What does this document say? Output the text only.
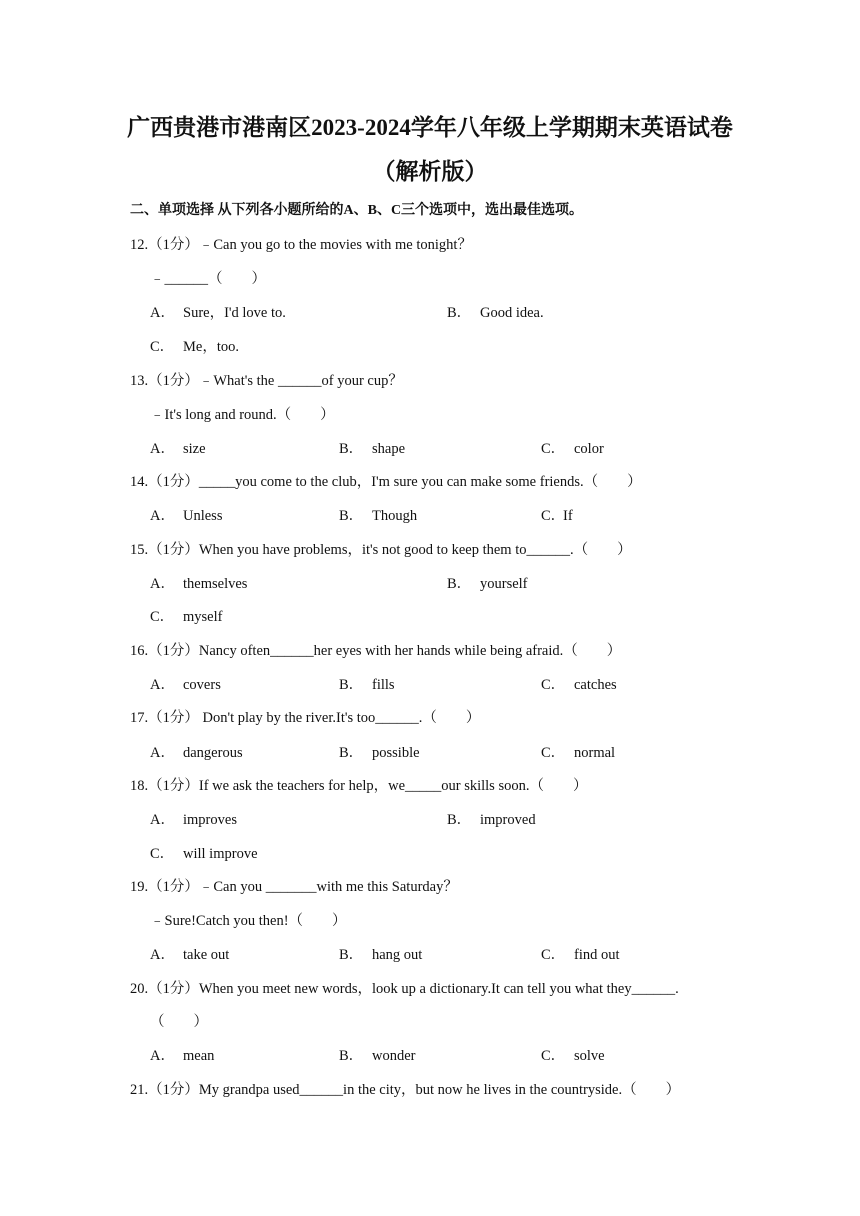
广西贵港市港南区2023-2024学年八年级上学期期末英语试卷
（解析版）
二、单项选择 从下列各小题所给的A、B、C三个选项中，选出最佳选项。
12.（1分）﹣Can you go to the movies with me tonight？
﹣______（　　）
A． Sure，I'd love to.	B． Good idea.
C． Me，too.
13.（1分）﹣What's the ______of your cup？
﹣It's long and round.（　　）
A． size	B． shape	C． color
14.（1分）_____you come to the club，I'm sure you can make some friends.（　　）
A． Unless	B． Though	C．If
15.（1分）When you have problems，it's not good to keep them to______.（　　）
A． themselves	B． yourself
C． myself
16.（1分）Nancy often______her eyes with her hands while being afraid.（　　）
A． covers	B． fills	C． catches
17.（1分） Don't play by the river.It's too______.（　　）
A． dangerous	B． possible	C． normal
18.（1分）If we ask the teachers for help，we_____our skills soon.（　　）
A． improves	B． improved
C． will improve
19.（1分）﹣Can you _______with me this Saturday？
﹣Sure!Catch you then!（　　）
A． take out	B． hang out	C． find out
20.（1分）When you meet new words，look up a dictionary.It can tell you what they______.
（　　）
A． mean	B． wonder	C． solve
21.（1分）My grandpa used______in the city，but now he lives in the countryside.（　　）
